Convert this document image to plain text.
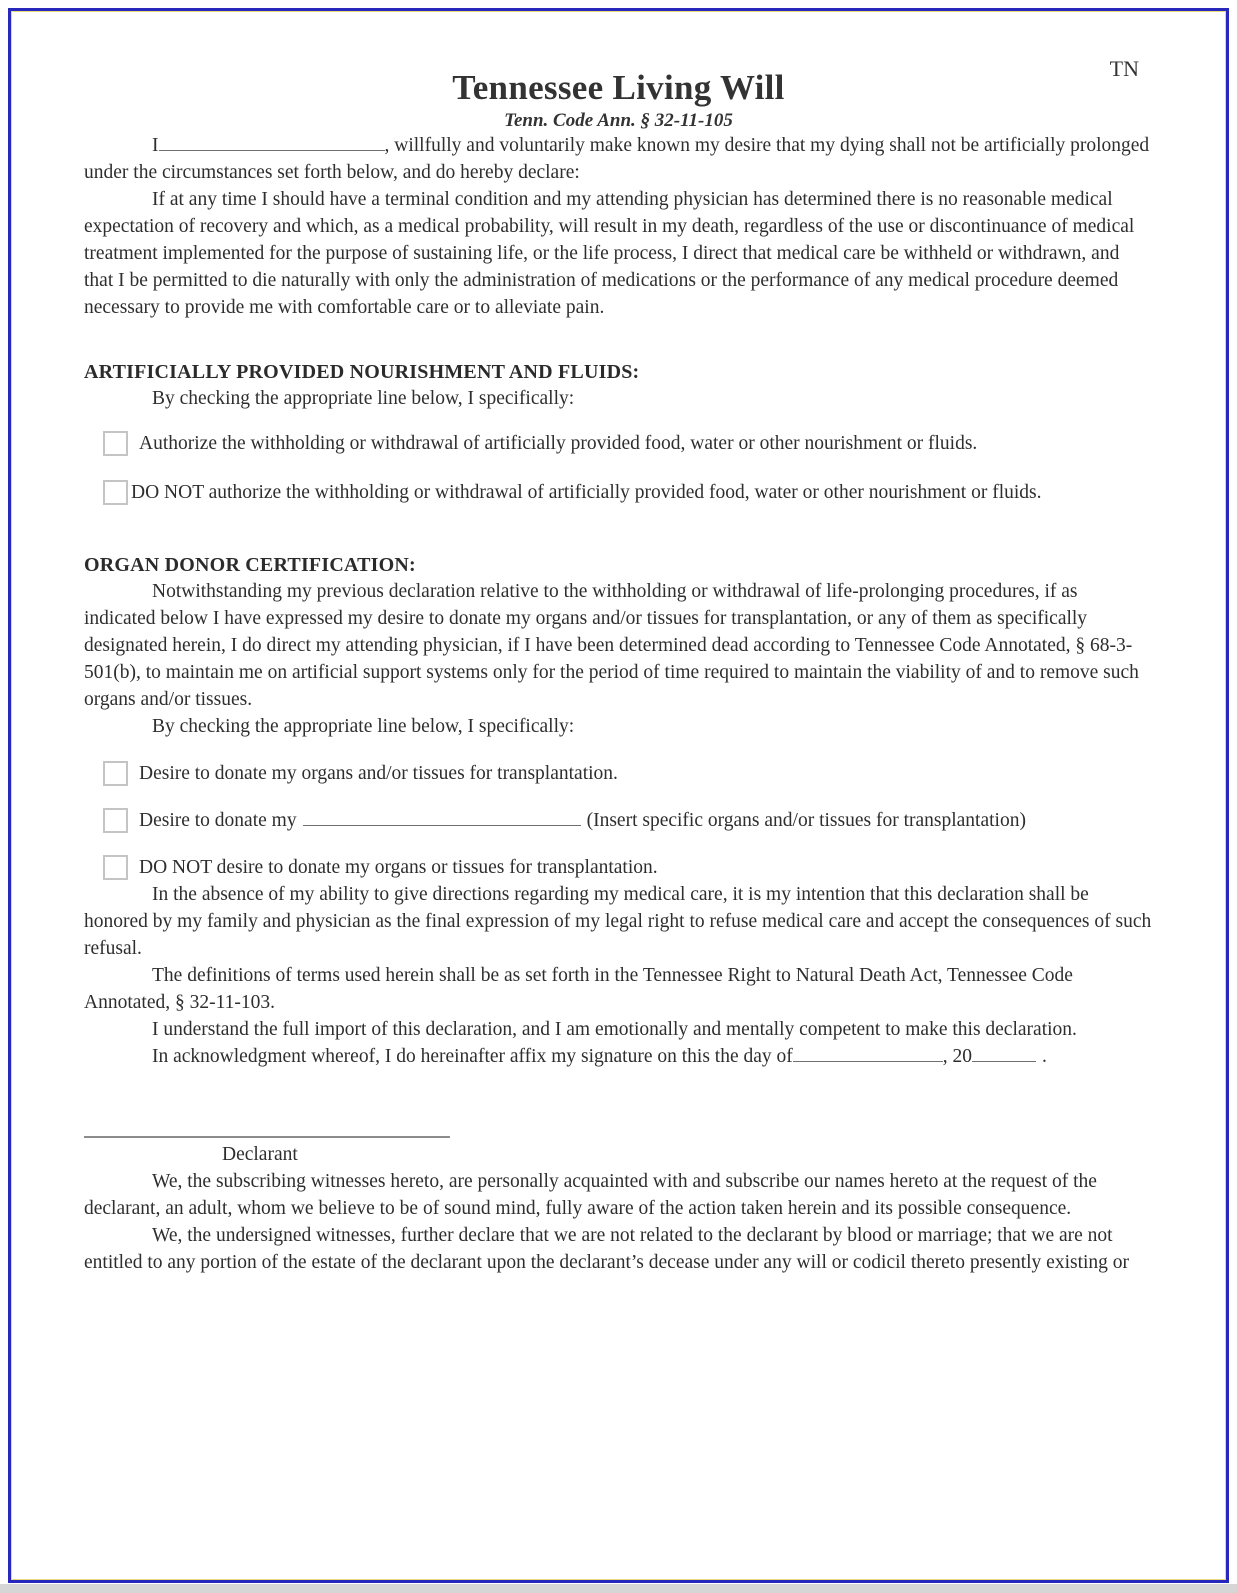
TN
Tennessee Living Will
Tenn. Code Ann. § 32-11-105

I	, willfully and voluntarily make known my desire that my dying shall not be artificially prolonged under the circumstances set forth below, and do hereby declare:

If at any time I should have a terminal condition and my attending physician has determined there is no reasonable medical expectation of recovery and which, as a medical probability, will result in my death, regardless of the use or discontinuance of medical treatment implemented for the purpose of sustaining life, or the life process, I direct that medical care be withheld or withdrawn, and that I be permitted to die naturally with only the administration of medications or the performance of any medical procedure deemed necessary to provide me with comfortable care or to alleviate pain.

ARTIFICIALLY PROVIDED NOURISHMENT AND FLUIDS:

By checking the appropriate line below, I specifically:

Authorize the withholding or withdrawal of artificially provided food, water or other nourishment or fluids.
DO NOT authorize the withholding or withdrawal of artificially provided food, water or other nourishment or fluids.
ORGAN DONOR CERTIFICATION:

Notwithstanding my previous declaration relative to the withholding or withdrawal of life-prolonging procedures, if as indicated below I have expressed my desire to donate my organs and/or tissues for transplantation, or any of them as specifically designated herein, I do direct my attending physician, if I have been determined dead according to Tennessee Code Annotated, § 68-3-501(b), to maintain me on artificial support systems only for the period of time required to maintain the viability of and to remove such organs and/or tissues.

By checking the appropriate line below, I specifically:

Desire to donate my organs and/or tissues for transplantation.
Desire to donate my	(Insert specific organs and/or tissues for transplantation)
DO NOT desire to donate my organs or tissues for transplantation.

In the absence of my ability to give directions regarding my medical care, it is my intention that this declaration shall be honored by my family and physician as the final expression of my legal right to refuse medical care and accept the consequences of such refusal.

The definitions of terms used herein shall be as set forth in the Tennessee Right to Natural Death Act, Tennessee Code Annotated, § 32-11-103.

I understand the full import of this declaration, and I am emotionally and mentally competent to make this declaration.

In acknowledgment whereof, I do hereinafter affix my signature on this the day of	, 20	.

Declarant

We, the subscribing witnesses hereto, are personally acquainted with and subscribe our names hereto at the request of the declarant, an adult, whom we believe to be of sound mind, fully aware of the action taken herein and its possible consequence.

We, the undersigned witnesses, further declare that we are not related to the declarant by blood or marriage; that we are not entitled to any portion of the estate of the declarant upon the declarant’s decease under any will or codicil thereto presently existing or
